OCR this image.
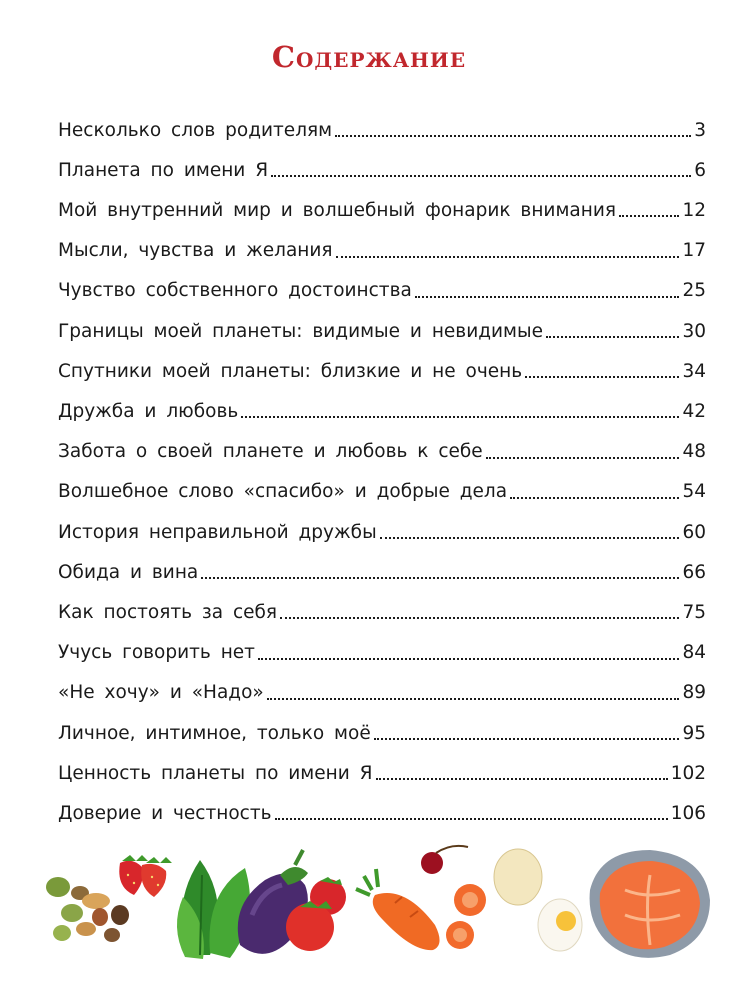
Содержание
Несколько слов родителям	3
Планета по имени Я	6
Мой внутренний мир и волшебный фонарик внимания	12
Мысли, чувства и желания	17
Чувство собственного достоинства	25
Границы моей планеты: видимые и невидимые	30
Спутники моей планеты: близкие и не очень	34
Дружба и любовь	42
Забота о своей планете и любовь к себе	48
Волшебное слово «спасибо» и добрые дела	54
История неправильной дружбы	60
Обида и вина	66
Как постоять за себя	75
Учусь говорить нет	84
«Не хочу» и «Надо»	89
Личное, интимное, только моё	95
Ценность планеты по имени Я	102
Доверие и честность	106
